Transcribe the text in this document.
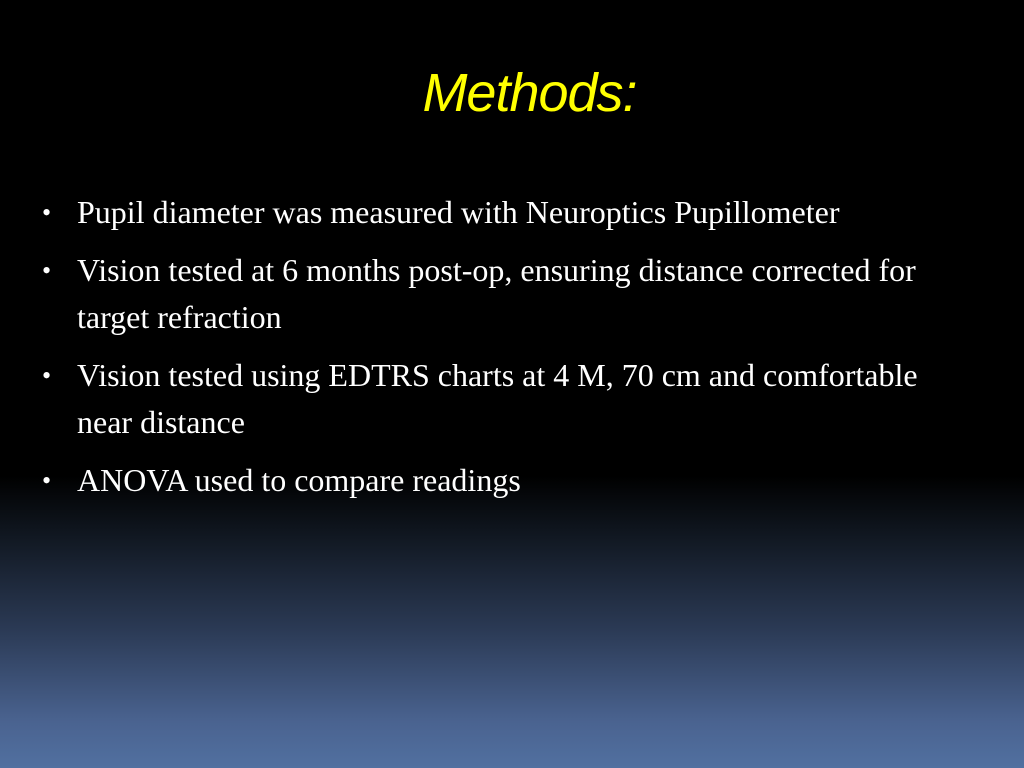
Methods:
• Pupil diameter was measured with Neuroptics Pupillometer
• Vision tested at 6 months post-op, ensuring distance corrected for target refraction
• Vision tested using EDTRS charts at 4 M, 70 cm and comfortable near distance
• ANOVA used to compare readings
